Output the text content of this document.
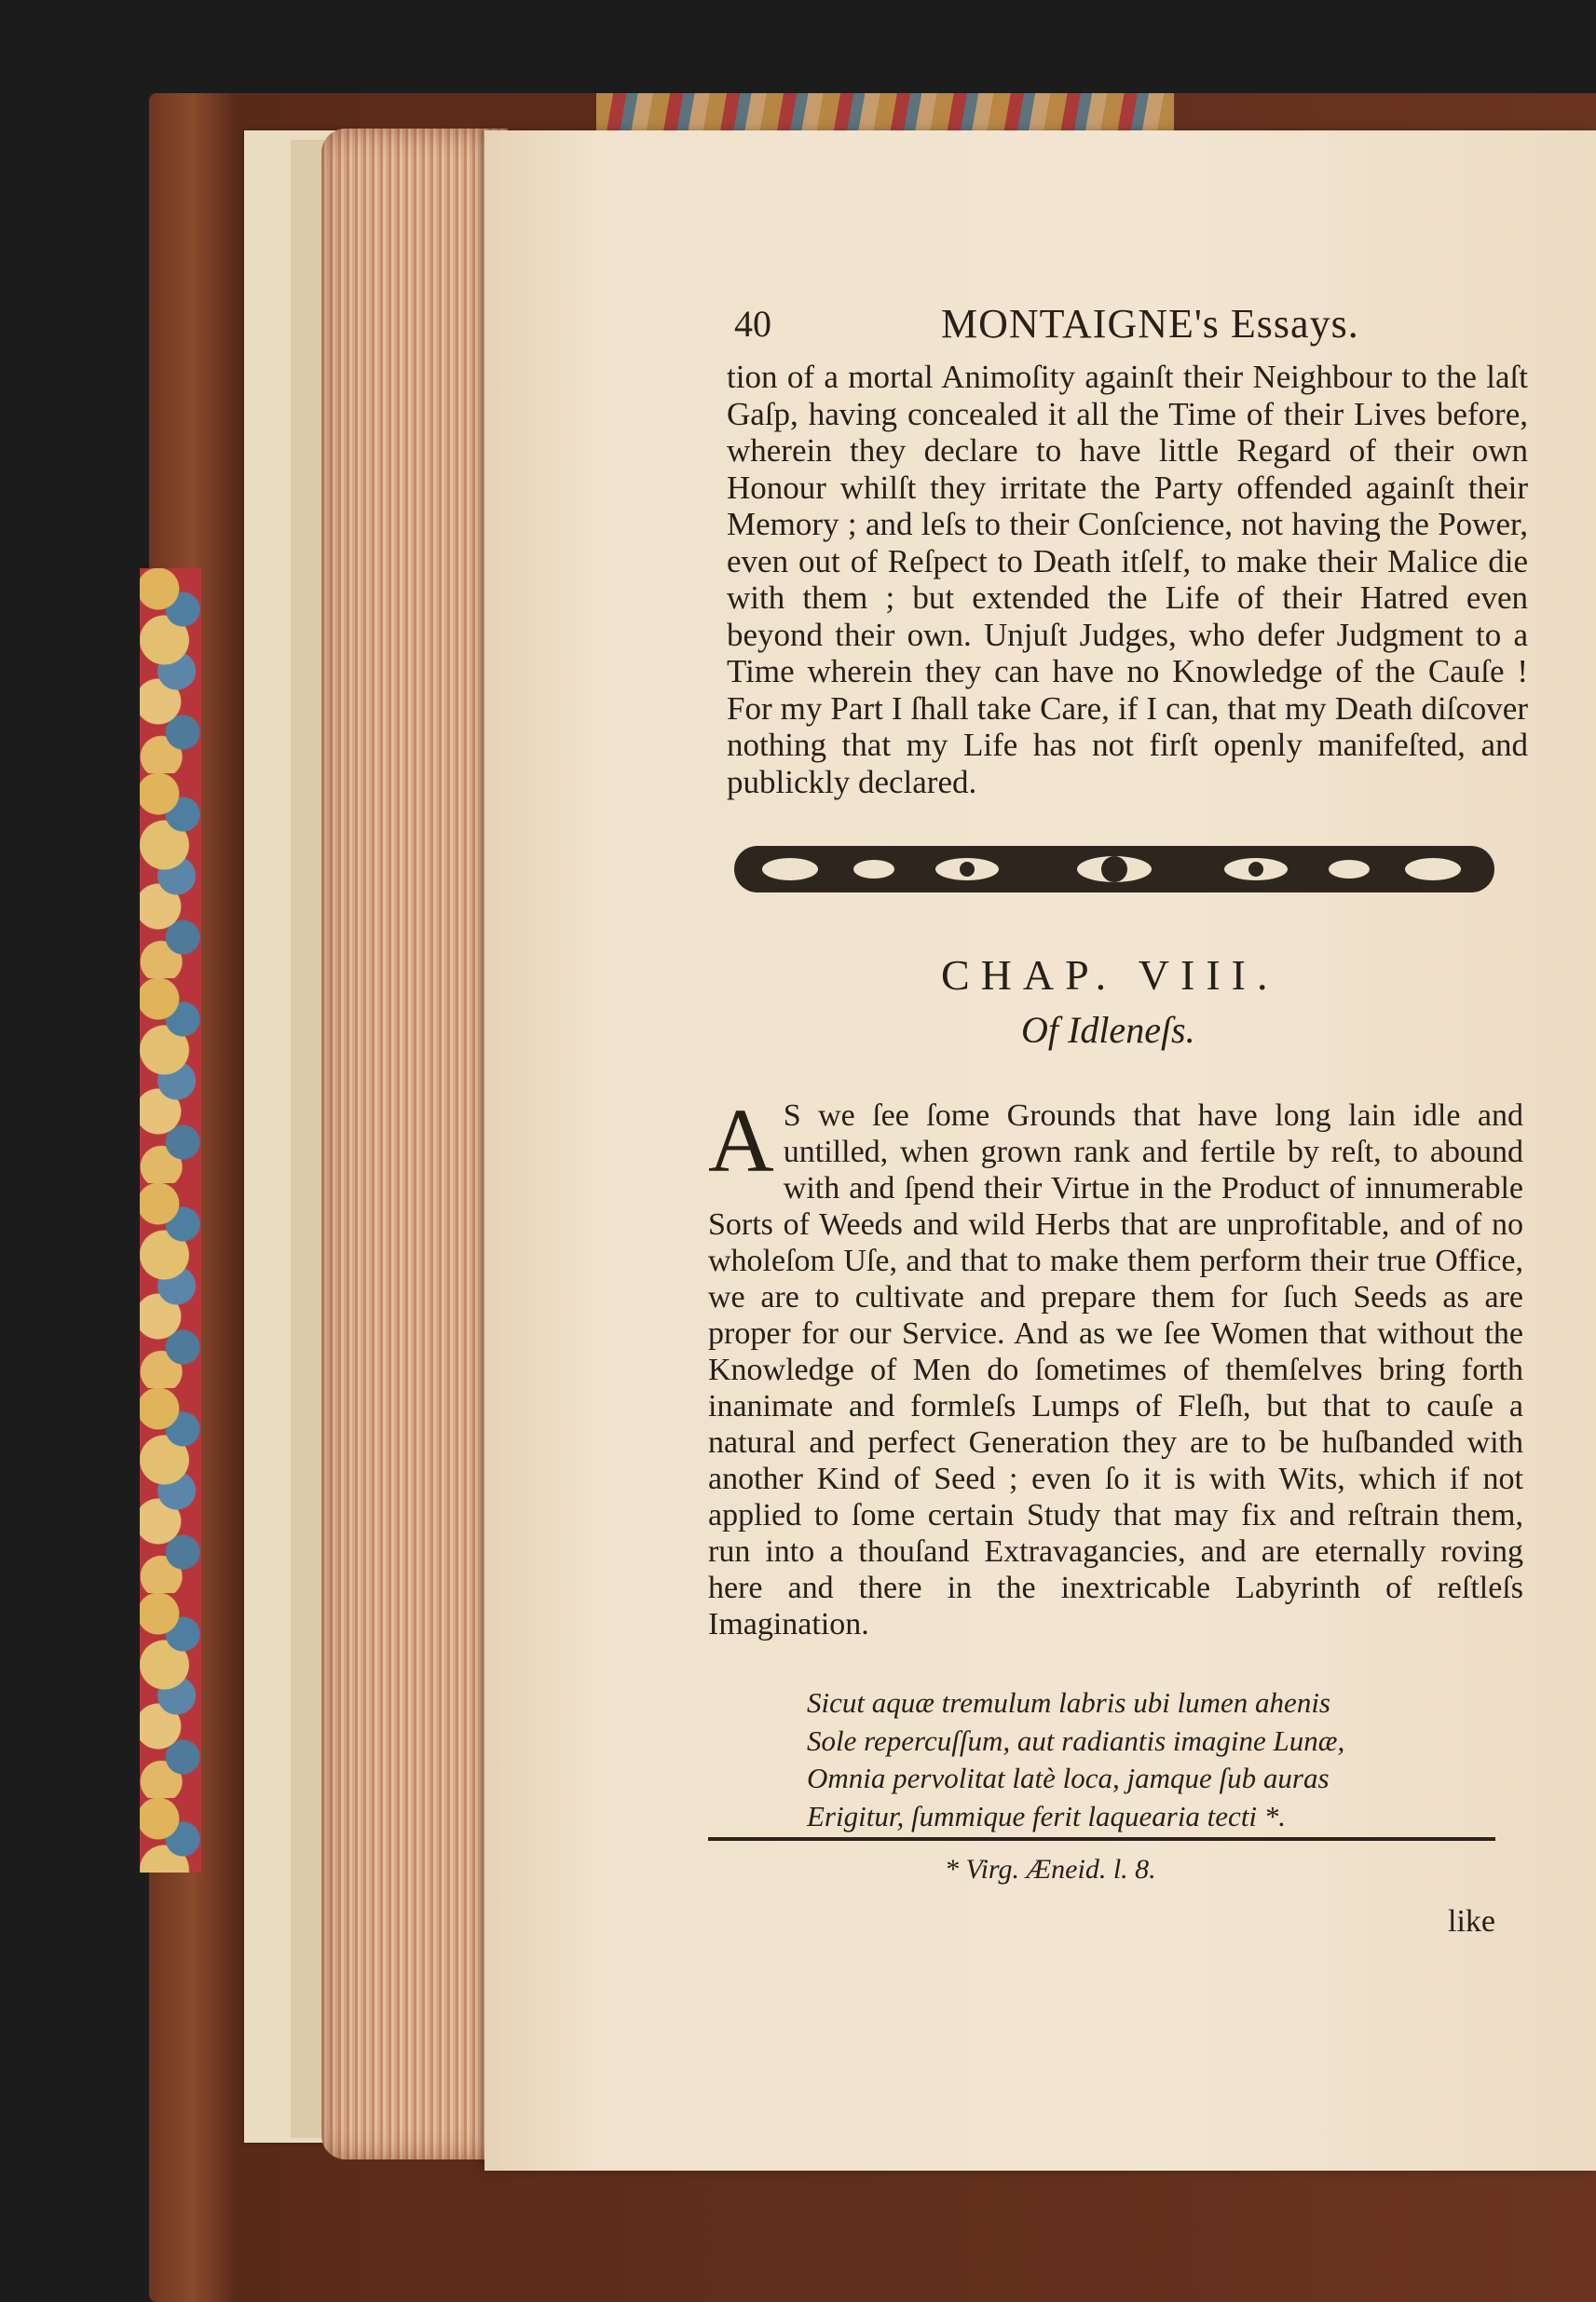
40	MONTAIGNE's Essays.
tion of a mortal Animoſity againſt their Neighbour to the laſt Gaſp, having concealed it all the Time of their Lives before, wherein they declare to have little Regard of their own Honour whilſt they irritate the Party offended againſt their Memory ; and leſs to their Conſcience, not having the Power, even out of Reſpect to Death itſelf, to make their Malice die with them ; but extended the Life of their Hatred even beyond their own. Unjuſt Judges, who defer Judgment to a Time wherein they can have no Knowledge of the Cauſe ! For my Part I ſhall take Care, if I can, that my Death diſcover nothing that my Life has not firſt openly manifeſted, and publickly declared.
CHAP. VIII.
Of Idleneſs.
A S we ſee ſome Grounds that have long lain idle and untilled, when grown rank and fertile by reſt, to abound with and ſpend their Virtue in the Product of innumerable Sorts of Weeds and wild Herbs that are unprofitable, and of no wholeſom Uſe, and that to make them perform their true Office, we are to cultivate and prepare them for ſuch Seeds as are proper for our Service. And as we ſee Women that without the Knowledge of Men do ſometimes of themſelves bring forth inanimate and formleſs Lumps of Fleſh, but that to cauſe a natural and perfect Generation they are to be huſbanded with another Kind of Seed ; even ſo it is with Wits, which if not applied to ſome certain Study that may fix and reſtrain them, run into a thouſand Extravagancies, and are eternally roving here and there in the inextricable Labyrinth of reſtleſs Imagination.
Sicut aquæ tremulum labris ubi lumen ahenis
Sole repercuſſum, aut radiantis imagine Lunæ,
Omnia pervolitat latè loca, jamque ſub auras
Erigitur, ſummique ferit laquearia tecti *.
* Virg. Æneid. l. 8.
like
